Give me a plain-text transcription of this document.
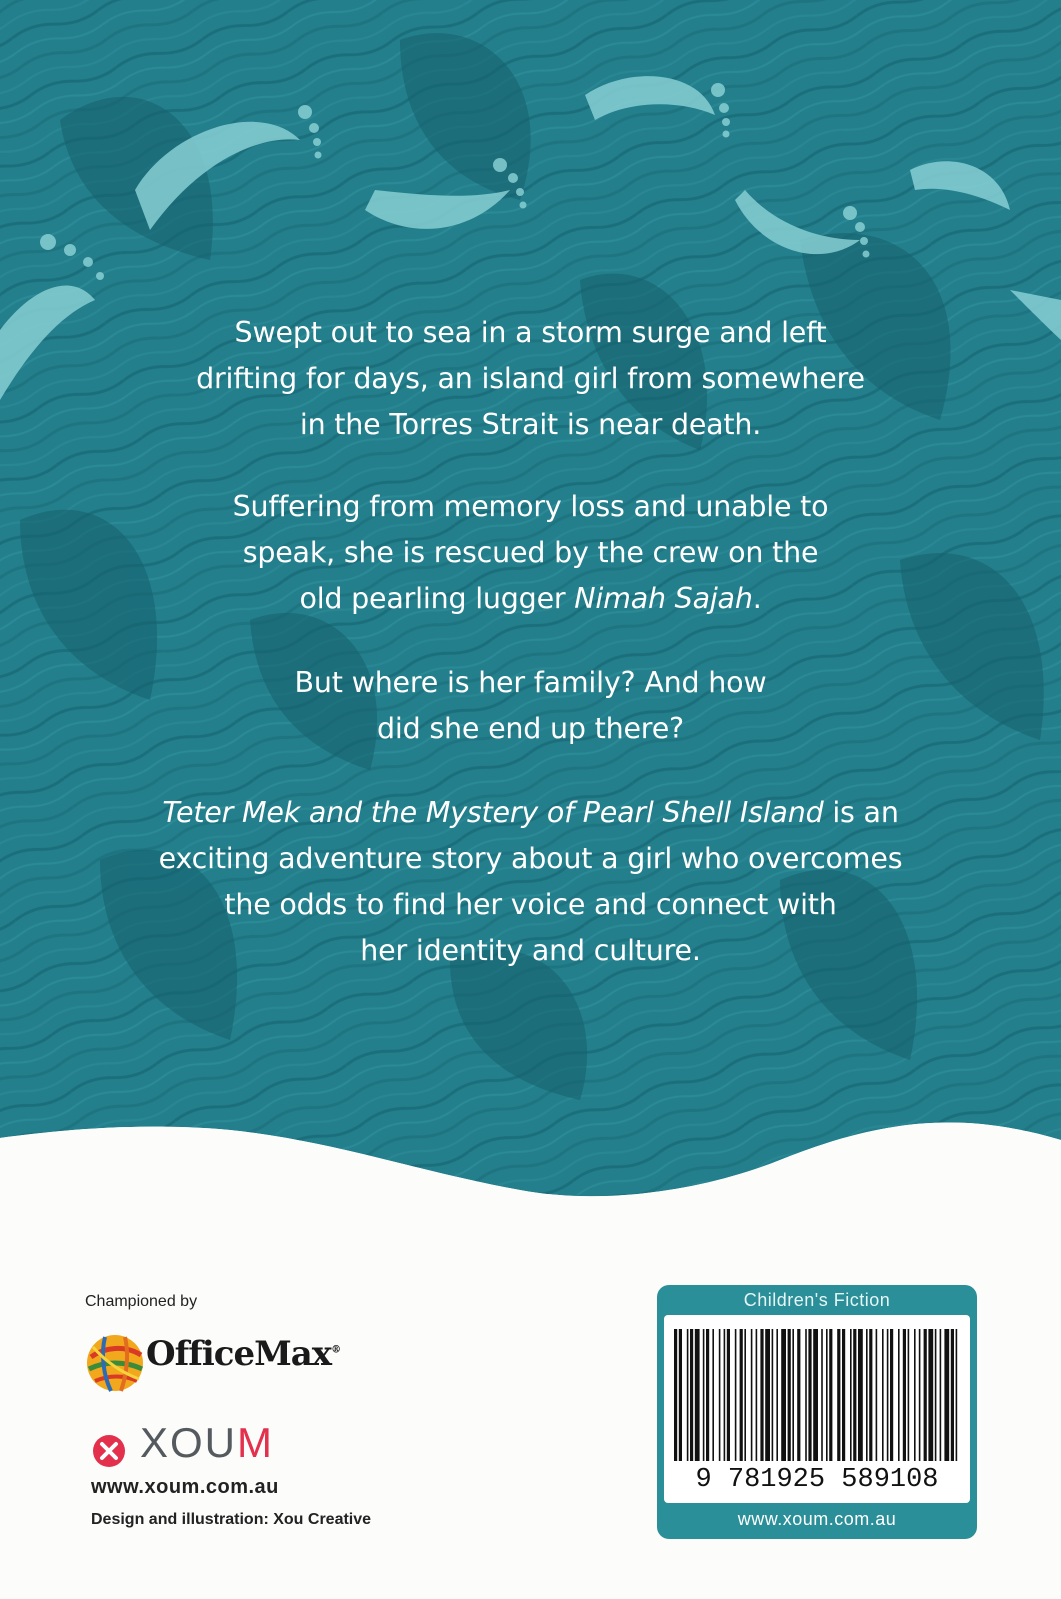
Swept out to sea in a storm surge and left
drifting for days, an island girl from somewhere
in the Torres Strait is near death.
Suffering from memory loss and unable to
speak, she is rescued by the crew on the
old pearling lugger Nimah Sajah.
But where is her family? And how
did she end up there?
Teter Mek and the Mystery of Pearl Shell Island is an
exciting adventure story about a girl who overcomes
the odds to find her voice and connect with
her identity and culture.
Championed by
OfficeMax®
XOUM
www.xoum.com.au
Design and illustration: Xou Creative
Children's Fiction
9 781925 589108
www.xoum.com.au
